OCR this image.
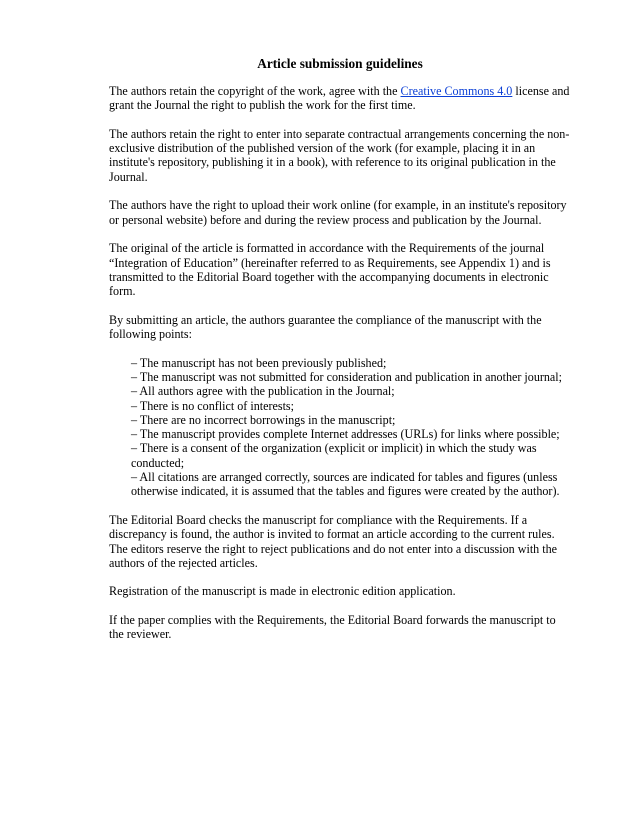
Article submission guidelines

The authors retain the copyright of the work, agree with the Creative Commons 4.0 license and grant the Journal the right to publish the work for the first time.

The authors retain the right to enter into separate contractual arrangements concerning the non-exclusive distribution of the published version of the work (for example, placing it in an institute's repository, publishing it in a book), with reference to its original publication in the Journal.

The authors have the right to upload their work online (for example, in an institute's repository or personal website) before and during the review process and publication by the Journal.

The original of the article is formatted in accordance with the Requirements of the journal “Integration of Education” (hereinafter referred to as Requirements, see Appendix 1) and is transmitted to the Editorial Board together with the accompanying documents in electronic form.

By submitting an article, the authors guarantee the compliance of the manuscript with the following points:

– The manuscript has not been previously published;
– The manuscript was not submitted for consideration and publication in another journal;
– All authors agree with the publication in the Journal;
– There is no conflict of interests;
– There are no incorrect borrowings in the manuscript;
– The manuscript provides complete Internet addresses (URLs) for links where possible;
– There is a consent of the organization (explicit or implicit) in which the study was conducted;
– All citations are arranged correctly, sources are indicated for tables and figures (unless otherwise indicated, it is assumed that the tables and figures were created by the author).

The Editorial Board checks the manuscript for compliance with the Requirements. If a discrepancy is found, the author is invited to format an article according to the current rules. The editors reserve the right to reject publications and do not enter into a discussion with the authors of the rejected articles.

Registration of the manuscript is made in electronic edition application.

If the paper complies with the Requirements, the Editorial Board forwards the manuscript to the reviewer.
